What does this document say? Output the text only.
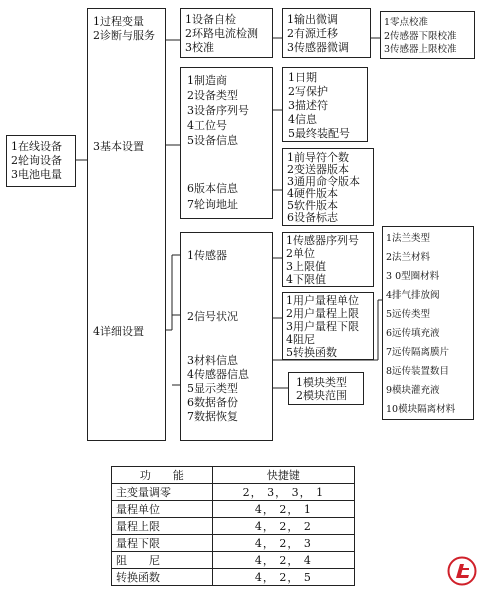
1在线设备
2轮询设备
3电池电量
1过程变量
2诊断与服务
3基本设置
4详细设置
1设备自检
2环路电流检测
3校准
1输出微调
2有源迁移
3传感器微调
1零点校准
2传感器下限校准
3传感器上限校准
1制造商
2设备类型
3设备序列号
4工位号
5设备信息
6版本信息
7轮询地址
1日期
2写保护
3描述符
4信息
5最终装配号
1前导符个数
2变送器版本
3通用命令版本
4硬件版本
5软件版本
6设备标志
1传感器
2信号状况
3材料信息
4传感器信息
5显示类型
6数据备份
7数据恢复
1传感器序列号
2单位
3上限值
4下限值
1用户量程单位
2用户量程上限
3用户量程下限
4阻尼
5转换函数
1模块类型
2模块范围
1法兰类型
2法兰材料
3 0型圈材料
4排气排放阀
5远传类型
6远传填充液
7远传隔离膜片
8远传装置数目
9模块灌充液
10模块隔离材料
功　　能	快捷键
主变量调零	2， 3， 3， 1
量程单位	4， 2， 1
量程上限	4， 2， 2
量程下限	4， 2， 3
阻　　尼	4， 2， 4
转换函数	4， 2， 5
